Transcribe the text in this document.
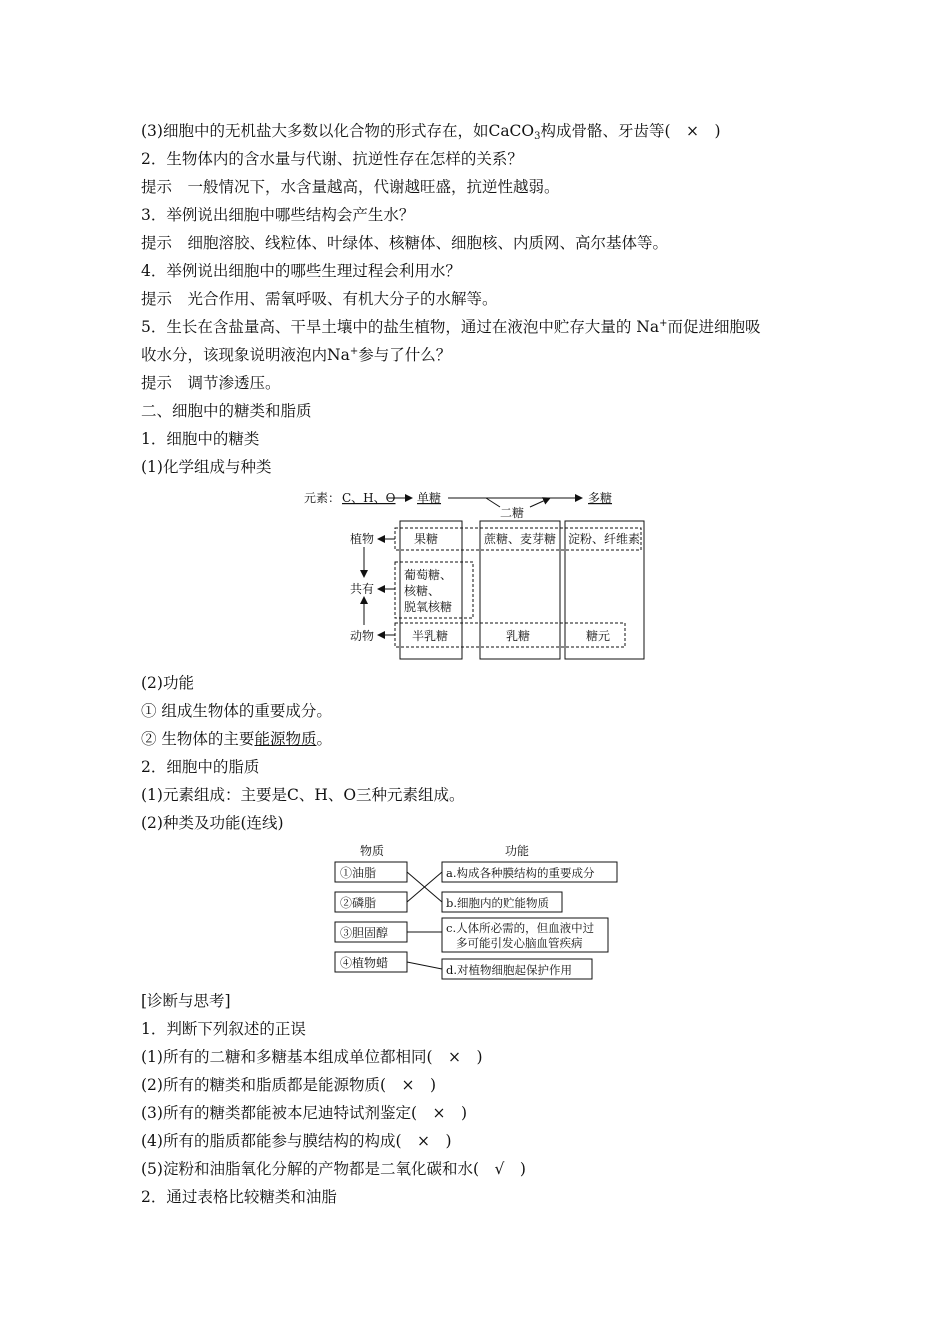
(3)细胞中的无机盐大多数以化合物的形式存在，如CaCO$_3$构成骨骼、牙齿等(　×　)
2．生物体内的含水量与代谢、抗逆性存在怎样的关系？
提示　一般情况下，水含量越高，代谢越旺盛，抗逆性越弱。
3．举例说出细胞中哪些结构会产生水？
提示　细胞溶胶、线粒体、叶绿体、核糖体、细胞核、内质网、高尔基体等。
4．举例说出细胞中的哪些生理过程会利用水？
提示　光合作用、需氧呼吸、有机大分子的水解等。
5．生长在含盐量高、干旱土壤中的盐生植物，通过在液泡中贮存大量的 Na+而促进细胞吸
收水分，该现象说明液泡内Na+参与了什么？
提示　调节渗透压。
二、细胞中的糖类和脂质
1．细胞中的糖类
(1)化学组成与种类
元素： C、H、O 单糖
二糖
多糖
植物
共有
动物
果糖	蔗糖、麦芽糖 淀粉、纤维素
葡萄糖、
核糖、
脱氧核糖
半乳糖	乳糖	糖元
(2)功能
① 组成生物体的重要成分。
② 生物体的主要能源物质。
2．细胞中的脂质
(1)元素组成：主要是C、H、O三种元素组成。
(2)种类及功能(连线)
物质	功能
①油脂
②磷脂
③胆固醇
④植物蜡
a.构成各种膜结构的重要成分
b.细胞内的贮能物质
c.人体所必需的，但血液中过
多可能引发心脑血管疾病
d.对植物细胞起保护作用
[诊断与思考]
1．判断下列叙述的正误
(1)所有的二糖和多糖基本组成单位都相同(　×　)
(2)所有的糖类和脂质都是能源物质(　×　)
(3)所有的糖类都能被本尼迪特试剂鉴定(　×　)
(4)所有的脂质都能参与膜结构的构成(　×　)
(5)淀粉和油脂氧化分解的产物都是二氧化碳和水(　√　)
2．通过表格比较糖类和油脂
